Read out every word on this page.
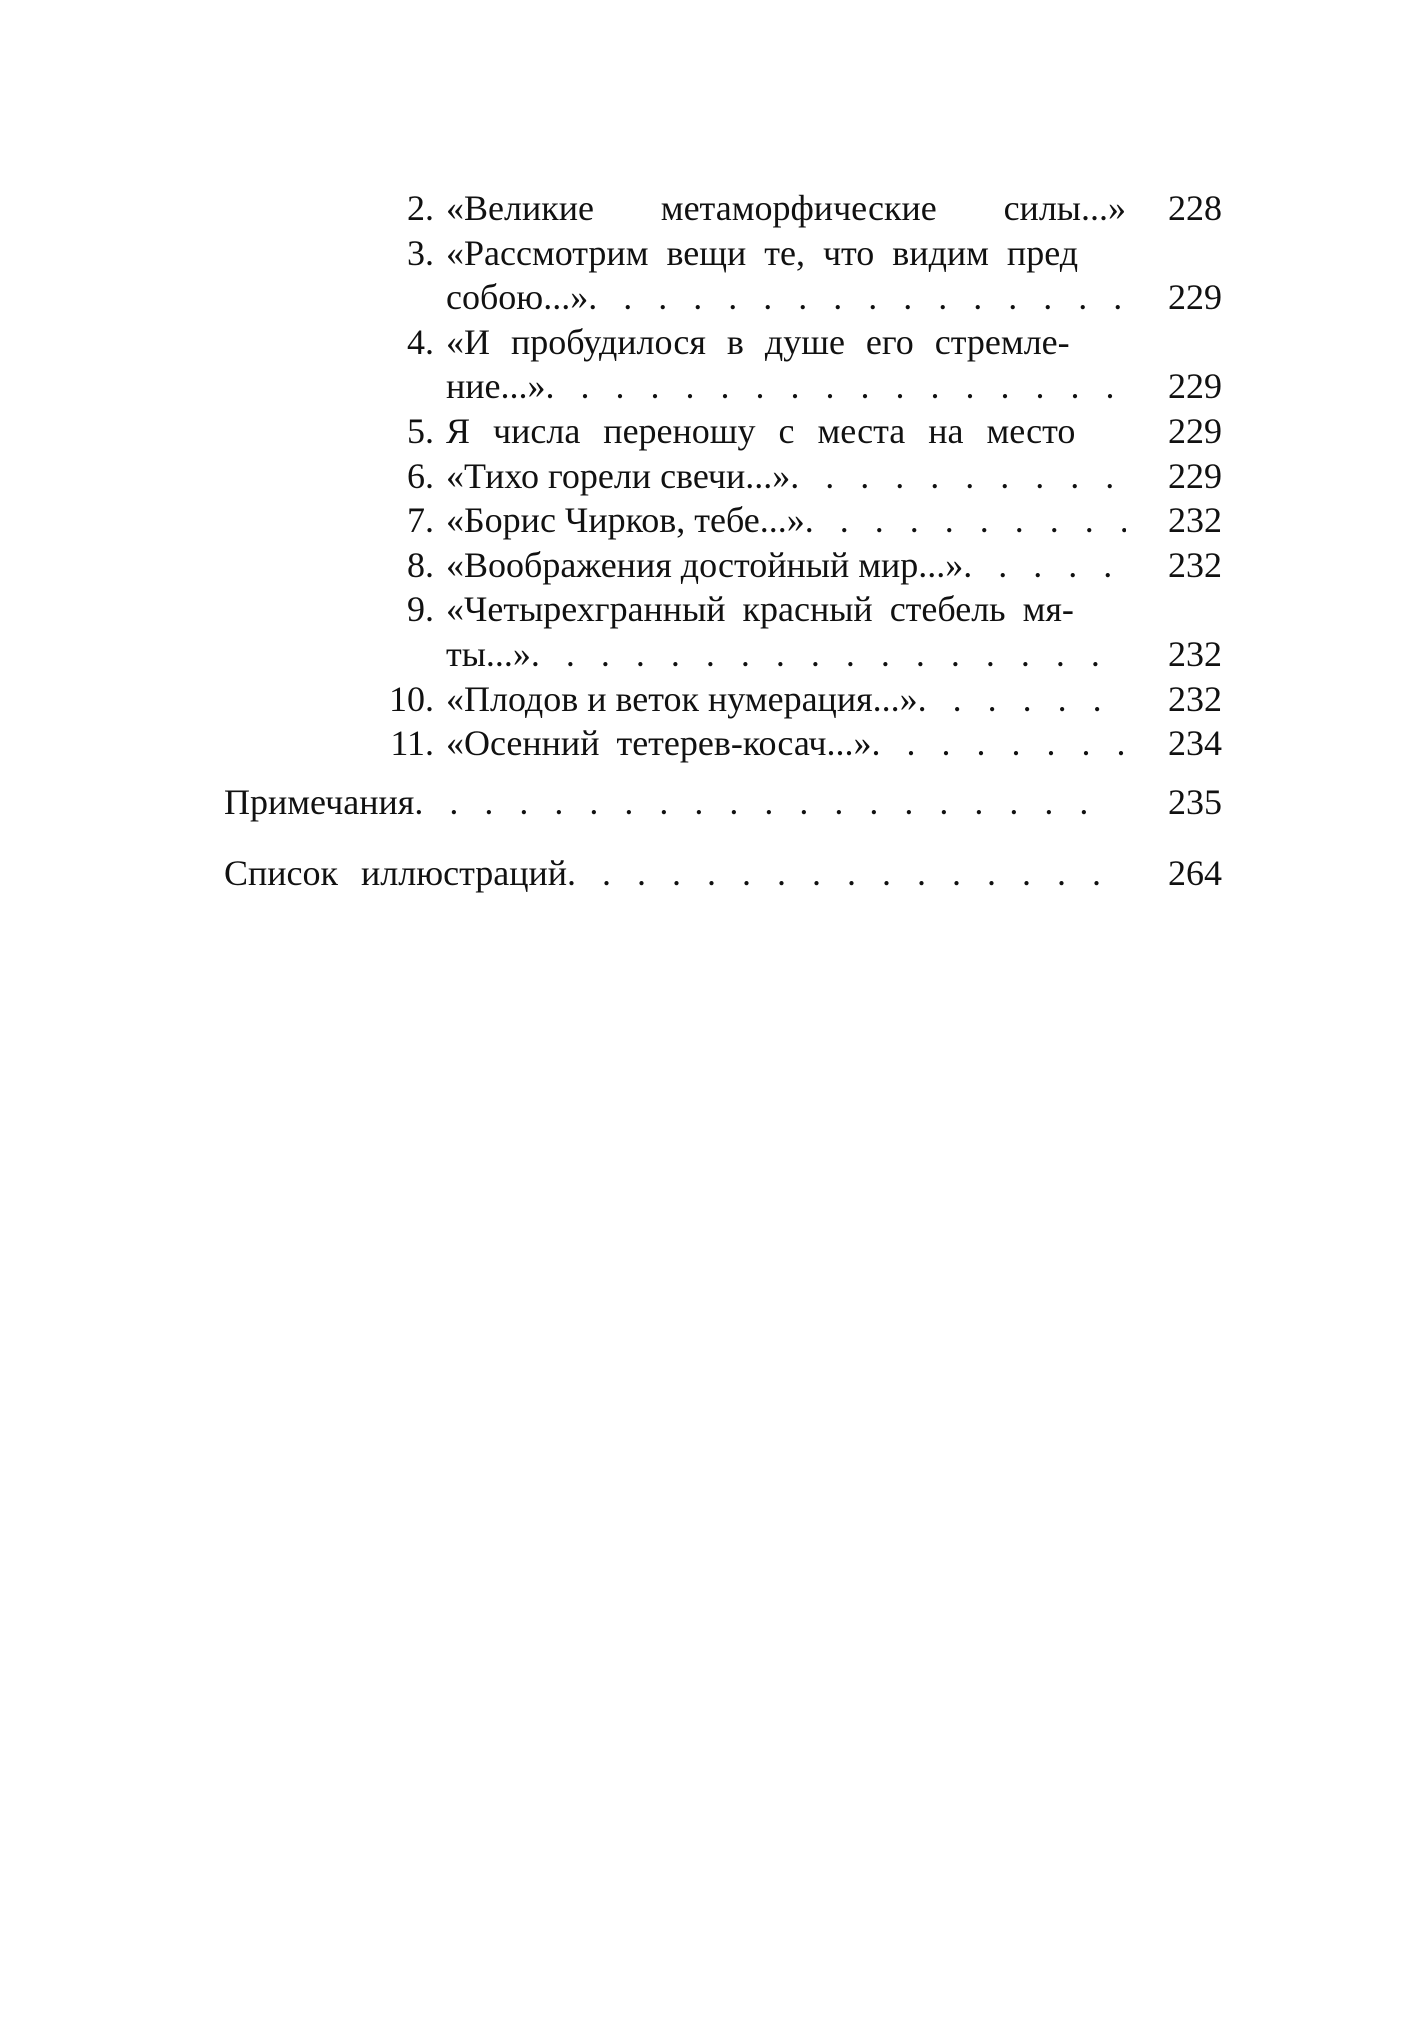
2. «Великие метаморфические силы...»	228
3. «Рассмотрим вещи те, что видим пред
собою...» . . .	229
4. «И пробудилося в душе его стремле-
ние...» . . .	229
5. Я числа переношу с места на место	229
6. «Тихо горели свечи...» . . .	229
7. «Борис Чирков, тебе...» . . .	232
8. «Воображения достойный мир...» . . .	232
9. «Четырехгранный красный стебель мя-
ты...» . . .	232
10. «Плодов и веток нумерация...» . . .	232
11. «Осенний тетерев-косач...» . . .	234
Примечания . . .	235
Список иллюстраций . . .	264
